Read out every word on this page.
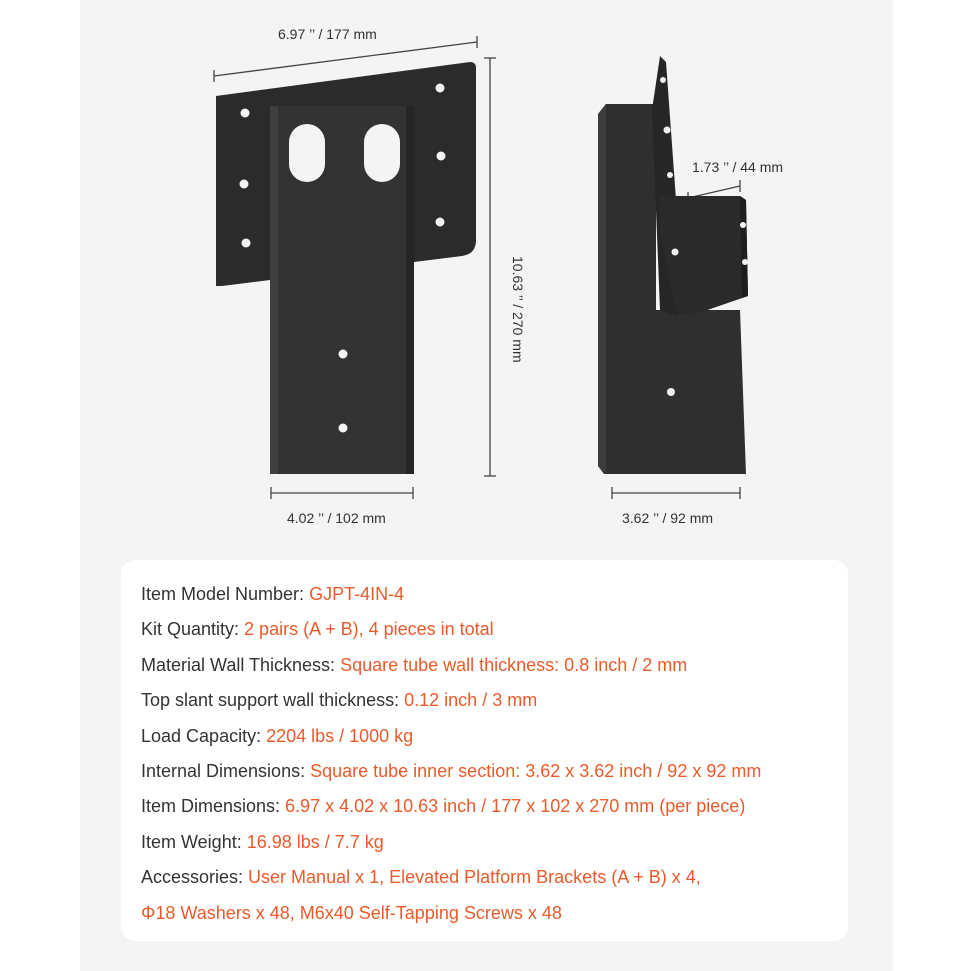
6.97 ’’ / 177 mm
10.63 ’’ / 270 mm
4.02 ’’ / 102 mm
1.73 ’’ / 44 mm
3.62 ’’ / 92 mm
Item Model Number: GJPT-4IN-4
Kit Quantity: 2 pairs (A + B), 4 pieces in total
Material Wall Thickness: Square tube wall thickness: 0.8 inch / 2 mm
Top slant support wall thickness: 0.12 inch / 3 mm
Load Capacity: 2204 lbs / 1000 kg
Internal Dimensions: Square tube inner section: 3.62 x 3.62 inch / 92 x 92 mm
Item Dimensions: 6.97 x 4.02 x 10.63 inch / 177 x 102 x 270 mm (per piece)
Item Weight: 16.98 lbs / 7.7 kg
Accessories: User Manual x 1, Elevated Platform Brackets (A + B) x 4,
Φ18 Washers x 48, M6x40 Self-Tapping Screws x 48
